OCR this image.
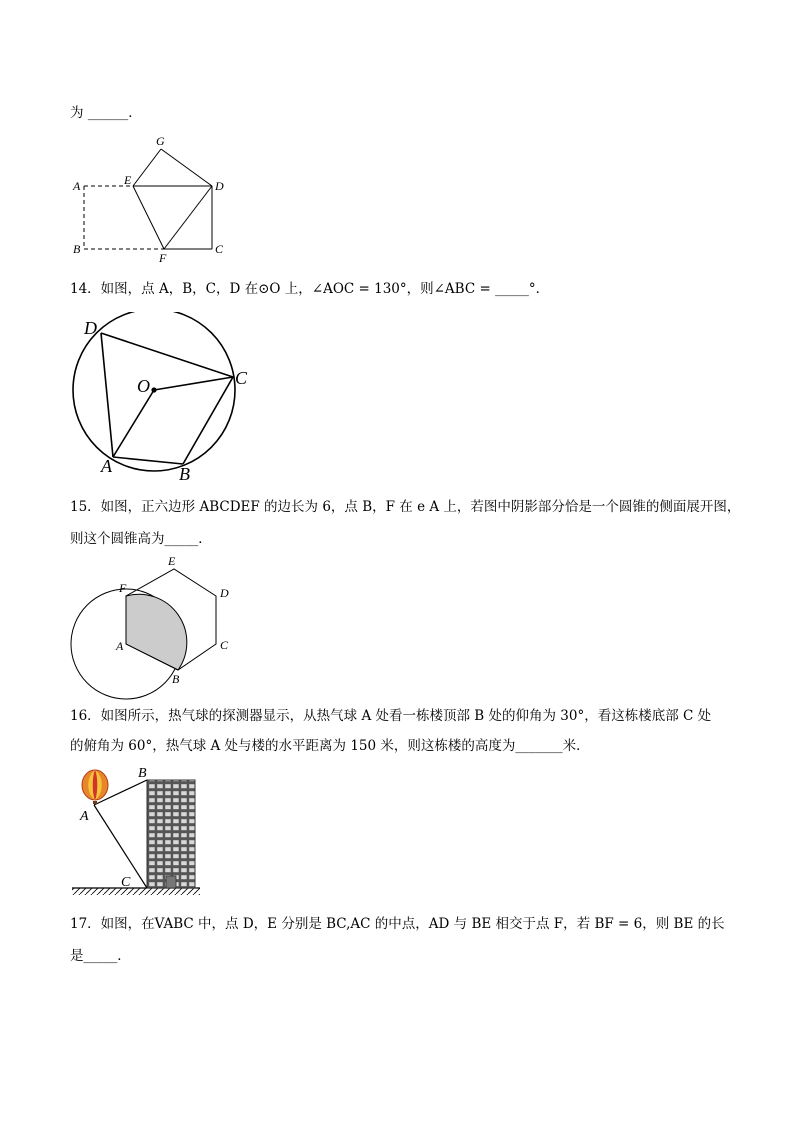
为 ______．
G
A	E	D
B
F
C
14．如图，点 A，B，C，D 在⊙O 上，∠AOC = 130°，则∠ABC = _____°．
D
O	C
A	B
15．如图，正六边形 ABCDEF 的边长为 6，点 B，F 在 e A 上，若图中阴影部分恰是一个圆锥的侧面展开图，
则这个圆锥高为_____．
E
F	D
A	C
B
16．如图所示，热气球的探测器显示，从热气球 A 处看一栋楼顶部 B 处的仰角为 30°，看这栋楼底部 C 处
的俯角为 60°，热气球 A 处与楼的水平距离为 150 米，则这栋楼的高度为_______米．
B
A
C
17．如图，在VABC 中，点 D，E 分别是 BC,AC 的中点，AD 与 BE 相交于点 F，若 BF = 6，则 BE 的长
是_____．
